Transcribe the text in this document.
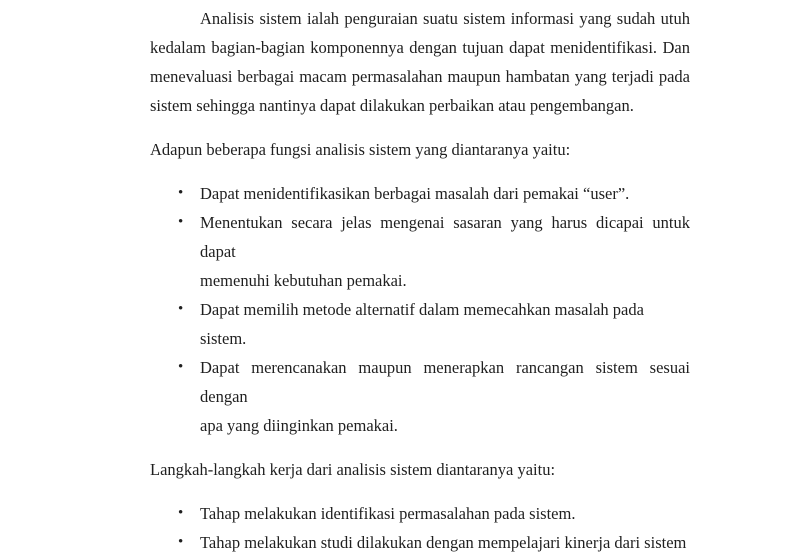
Analisis sistem ialah penguraian suatu sistem informasi yang sudah utuh
kedalam bagian-bagian komponennya dengan tujuan dapat menidentifikasi. Dan
menevaluasi berbagai macam permasalahan maupun hambatan yang terjadi pada
sistem sehingga nantinya dapat dilakukan perbaikan atau pengembangan.
Adapun beberapa fungsi analisis sistem yang diantaranya yaitu:
• Dapat menidentifikasikan berbagai masalah dari pemakai “user”.
• Menentukan secara jelas mengenai sasaran yang harus dicapai untuk dapat
memenuhi kebutuhan pemakai.
• Dapat memilih metode alternatif dalam memecahkan masalah pada sistem.
• Dapat merencanakan maupun menerapkan rancangan sistem sesuai dengan
apa yang diinginkan pemakai.
Langkah-langkah kerja dari analisis sistem diantaranya yaitu:
• Tahap melakukan identifikasi permasalahan pada sistem.
• Tahap melakukan studi dilakukan dengan mempelajari kinerja dari sistem
